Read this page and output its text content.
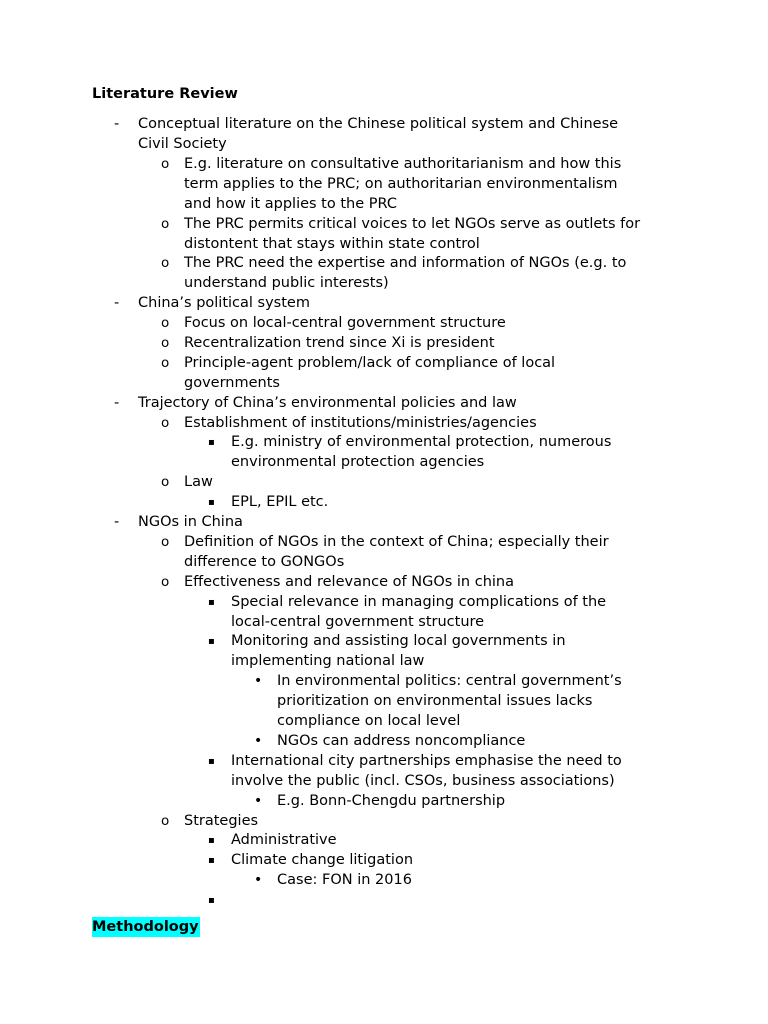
Literature Review
- Conceptual literature on the Chinese political system and Chinese
Civil Society
o E.g. literature on consultative authoritarianism and how this
term applies to the PRC; on authoritarian environmentalism
and how it applies to the PRC
o The PRC permits critical voices to let NGOs serve as outlets for
distontent that stays within state control
o The PRC need the expertise and information of NGOs (e.g. to
understand public interests)
- China’s political system
o Focus on local-central government structure
o Recentralization trend since Xi is president
o Principle-agent problem/lack of compliance of local
governments
- Trajectory of China’s environmental policies and law
o Establishment of institutions/ministries/agencies
▪ E.g. ministry of environmental protection, numerous
environmental protection agencies
o Law
▪ EPL, EPIL etc.
- NGOs in China
o Definition of NGOs in the context of China; especially their
difference to GONGOs
o Effectiveness and relevance of NGOs in china
▪ Special relevance in managing complications of the
local-central government structure
▪ Monitoring and assisting local governments in
implementing national law
• In environmental politics: central government’s
prioritization on environmental issues lacks
compliance on local level
• NGOs can address noncompliance
▪ International city partnerships emphasise the need to
involve the public (incl. CSOs, business associations)
• E.g. Bonn-Chengdu partnership
o Strategies
▪ Administrative
▪ Climate change litigation
• Case: FON in 2016
▪
Methodology
